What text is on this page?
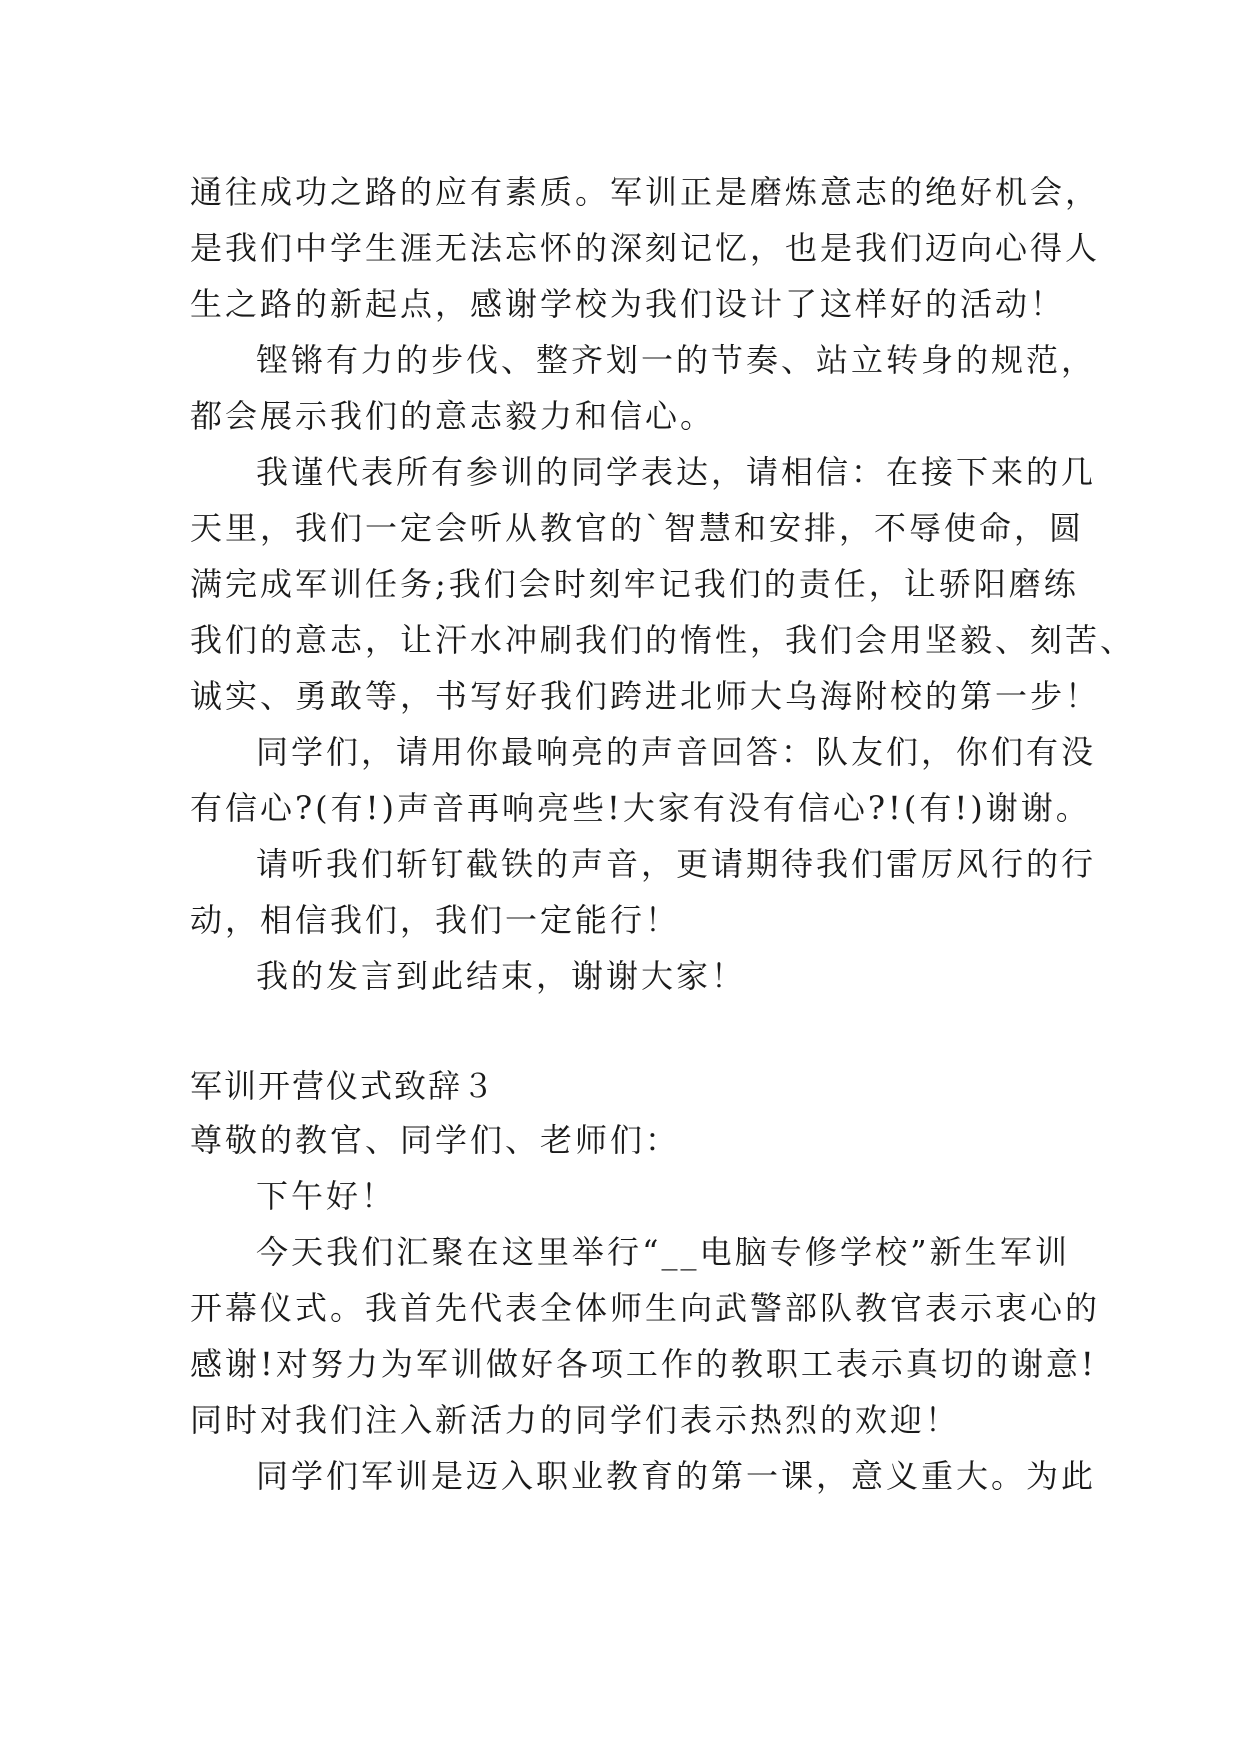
通往成功之路的应有素质。军训正是磨炼意志的绝好机会，
是我们中学生涯无法忘怀的深刻记忆，也是我们迈向心得人
生之路的新起点，感谢学校为我们设计了这样好的活动！
铿锵有力的步伐、整齐划一的节奏、站立转身的规范，
都会展示我们的意志毅力和信心。
我谨代表所有参训的同学表达，请相信：在接下来的几
天里，我们一定会听从教官的`智慧和安排，不辱使命，圆
满完成军训任务;我们会时刻牢记我们的责任，让骄阳磨练
我们的意志，让汗水冲刷我们的惰性，我们会用坚毅、刻苦、
诚实、勇敢等，书写好我们跨进北师大乌海附校的第一步！
同学们，请用你最响亮的声音回答：队友们，你们有没
有信心?(有!)声音再响亮些!大家有没有信心?!(有!)谢谢。
请听我们斩钉截铁的声音，更请期待我们雷厉风行的行
动，相信我们，我们一定能行！
我的发言到此结束，谢谢大家！
军训开营仪式致辞３
尊敬的教官、同学们、老师们：
下午好！
今天我们汇聚在这里举行“__电脑专修学校”新生军训
开幕仪式。我首先代表全体师生向武警部队教官表示衷心的
感谢!对努力为军训做好各项工作的教职工表示真切的谢意!
同时对我们注入新活力的同学们表示热烈的欢迎！
同学们军训是迈入职业教育的第一课，意义重大。为此
